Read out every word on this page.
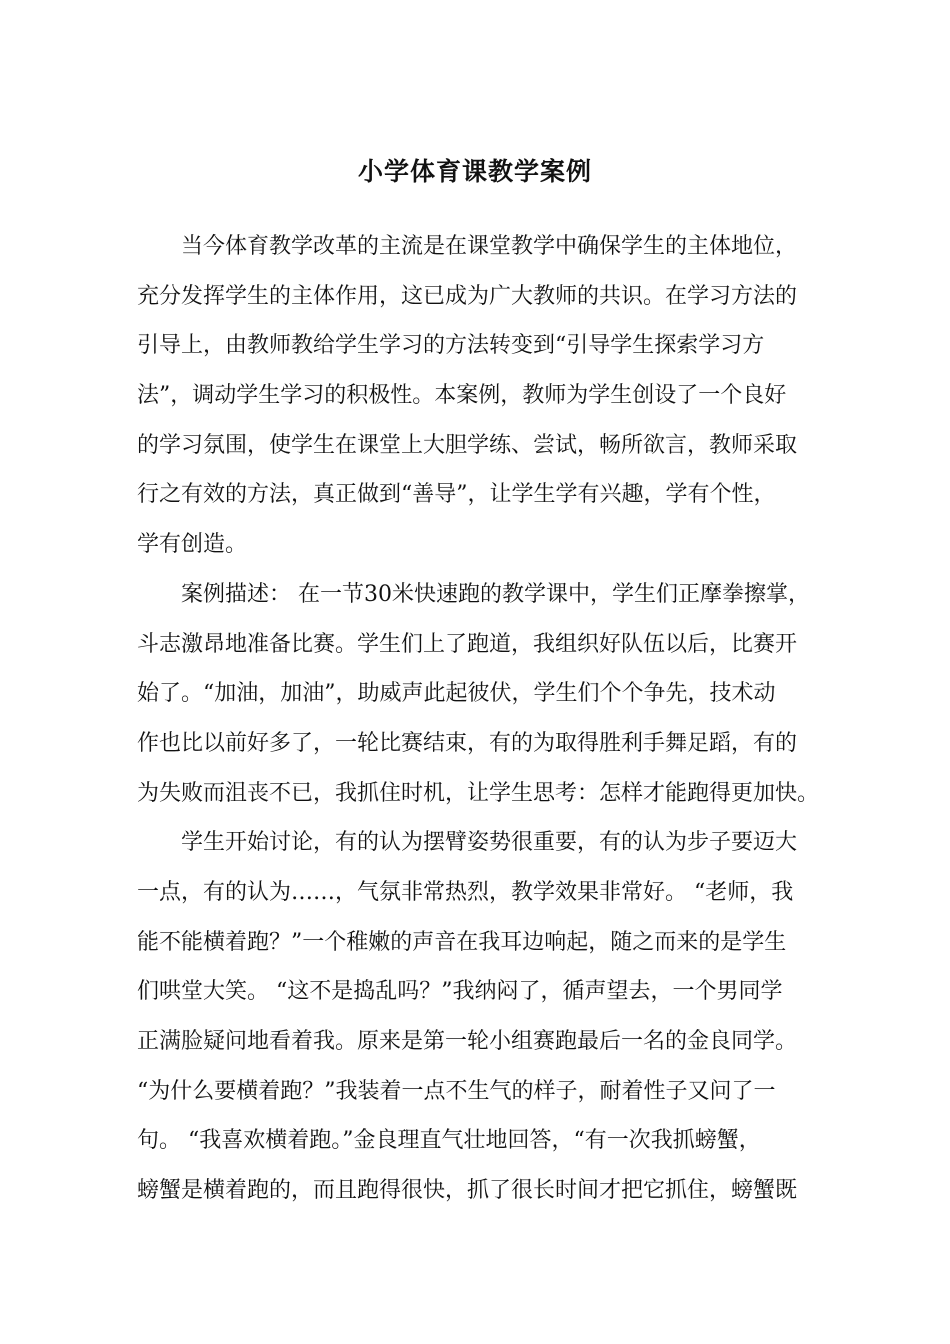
小学体育课教学案例
当今体育教学改革的主流是在课堂教学中确保学生的主体地位，
充分发挥学生的主体作用，这已成为广大教师的共识。在学习方法的
引导上，由教师教给学生学习的方法转变到“引导学生探索学习方
法”，调动学生学习的积极性。本案例，教师为学生创设了一个良好
的学习氛围，使学生在课堂上大胆学练、尝试，畅所欲言，教师采取
行之有效的方法，真正做到“善导”，让学生学有兴趣，学有个性，
学有创造。
案例描述： 在一节30米快速跑的教学课中，学生们正摩拳擦掌，
斗志激昂地准备比赛。学生们上了跑道，我组织好队伍以后，比赛开
始了。“加油，加油”，助威声此起彼伏，学生们个个争先，技术动
作也比以前好多了，一轮比赛结束，有的为取得胜利手舞足蹈，有的
为失败而沮丧不已，我抓住时机，让学生思考：怎样才能跑得更加快。
学生开始讨论，有的认为摆臂姿势很重要，有的认为步子要迈大
一点，有的认为……，气氛非常热烈，教学效果非常好。 “老师，我
能不能横着跑？”一个稚嫩的声音在我耳边响起，随之而来的是学生
们哄堂大笑。 “这不是捣乱吗？”我纳闷了，循声望去，一个男同学
正满脸疑问地看着我。原来是第一轮小组赛跑最后一名的金良同学。
“为什么要横着跑？”我装着一点不生气的样子，耐着性子又问了一
句。 “我喜欢横着跑。”金良理直气壮地回答，“有一次我抓螃蟹，
螃蟹是横着跑的，而且跑得很快，抓了很长时间才把它抓住，螃蟹既
